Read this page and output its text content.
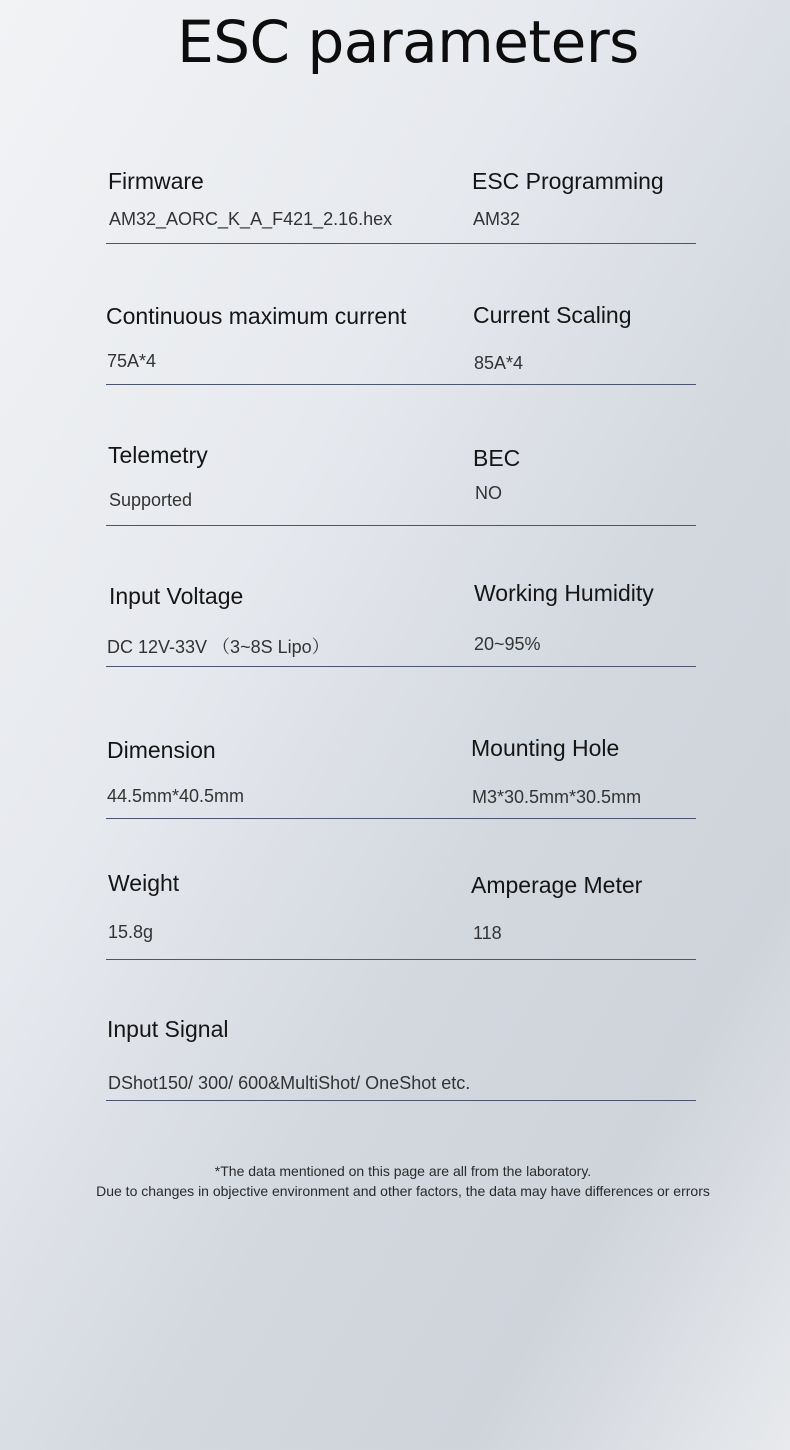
ESC parameters
Firmware
AM32_AORC_K_A_F421_2.16.hex
ESC Programming
AM32
Continuous maximum current
75A*4
Current Scaling
85A*4
Telemetry
Supported
BEC
NO
Input Voltage
DC 12V-33V （3~8S Lipo）
Working Humidity
20~95%
Dimension
44.5mm*40.5mm
Mounting Hole
M3*30.5mm*30.5mm
Weight
15.8g
Amperage Meter
118
Input Signal
DShot150/ 300/ 600&MultiShot/ OneShot etc.
*The data mentioned on this page are all from the laboratory.
Due to changes in objective environment and other factors, the data may have differences or errors
